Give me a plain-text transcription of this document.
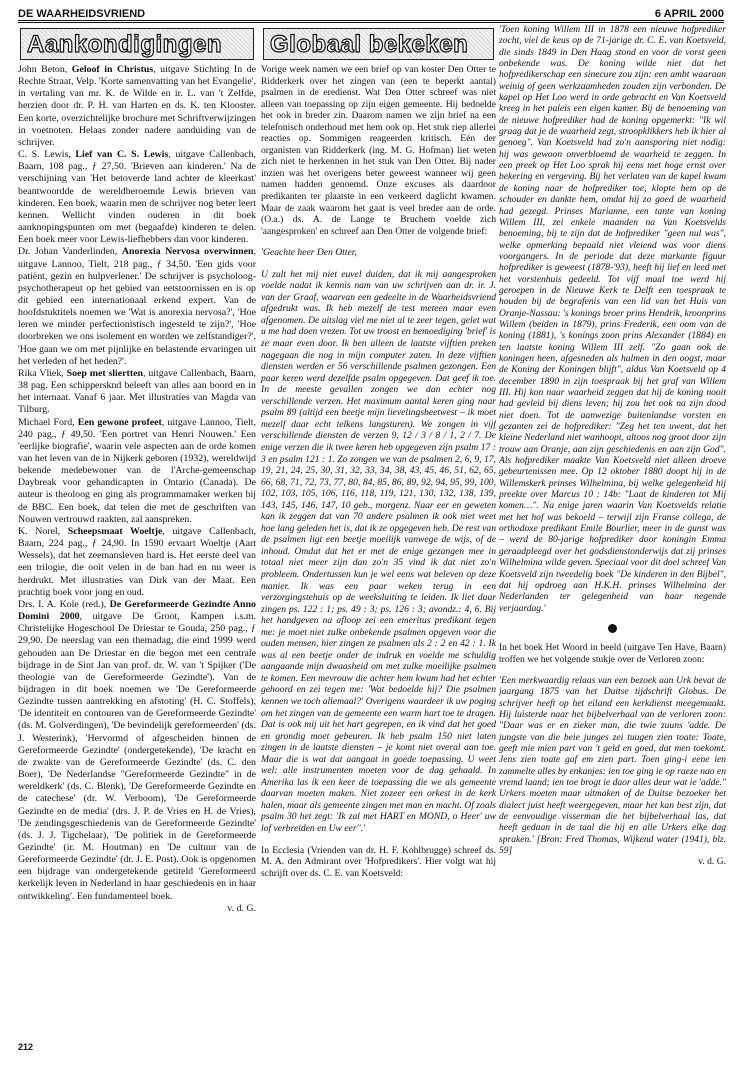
DE WAARHEIDSVRIEND	6 APRIL 2000
Aankondigingen	Globaal bekeken

John Beton, Geloof in Christus, uitgave Stichting In de Rechte Straat, Velp. 'Korte samenvatting van het Evangelie', in vertaling van mr. K. de Wilde en ir. L. van 't Zelfde, herzien door dr. P. H. van Harten en ds. K. ten Klooster. Een korte, overzichtelijke brochure met Schriftverwijzingen in voetnoten. Helaas zonder nadere aanduiding van de schrijver.

C. S. Lewis, Lief van C. S. Lewis, uitgave Callenbach, Baarn, 108 pag., ƒ 27,50. 'Brieven aan kinderen.' Na de verschijning van 'Het betoverde land achter de kleerkast' beantwoordde de wereldberoemde Lewis brieven van kinderen. Een boek, waarin men de schrijver nog beter leert kennen. Wellicht vinden ouderen in dit boek aanknopingspunten om met (begaafde) kinderen te delen. Een boek meer voor Lewis-liefhebbers dan voor kinderen.

Dr. Johan Vanderlinden, Anorexia Nervosa overwinnen, uitgave Lannoo, Tielt, 218 pag., ƒ 34,50. 'Een gids voor patiënt, gezin en hulpverlener.' De schrijver is psycholoog-psychotherapeut op het gebied van eetstoornissen en is op dit gebied een internationaal erkend expert. Van de hoofdstuktitels noemen we 'Wat is anorexia nervosa?', 'Hoe leren we minder perfectionistisch ingesteld te zijn?', 'Hoe doorbreken we ons isolement en worden we zelfstandiger?', 'Hoe gaan we om met pijnlijke en belastende ervaringen uit het verleden of het heden?'.

Rika Vliek, Soep met sliertten, uitgave Callenbach, Baarn, 38 pag. Een schippersknd beleeft van alles aan boord en in het internaat. Vanaf 6 jaar. Met illustraties van Magda van Tilburg.

Michael Ford, Een gewone profeet, uitgave Lannoo, Tielt, 240 pag., ƒ 49,50. 'Een portret van Henri Nouwen.' Een 'eerlijke biografie', waarin vele aspecten aan de orde komen van het leven van de in Nijkerk geboren (1932), wereldwijd bekende medebewoner van de l'Arche-gemeenschap Daybreak voor gehandicapten in Ontario (Canada). De auteur is theoloog en ging als programmamaker werken bij de BBC. Een boek, dat telen die met de geschriften van Nouwen vertrouwd raakten, zal aanspreken.

K. Norel, Scheepsmaat Woeltje, uitgave Callenbach, Baarn, 224 pag., ƒ 24,90. In 1590 ervaart Woeltje (Aart Wessels), dat het zeemansleven hard is. Het eerste deel van een trilogie, die ooit velen in de ban had en nu weer is herdrukt. Met illustraties van Dirk van der Maat. Een prachtig boek voor jong en oud.

Drs. I. A. Kole (red.), De Gereformeerde Gezindte Anno Domini 2000, uitgave De Groot, Kampen i.s.m. Christelijke Hogeschool De Driestar te Gouda, 250 pag., ƒ 29,90. De neerslag van een themadag, die eind 1999 werd gehouden aan De Driestar en die begon met een centrale bijdrage in de Sint Jan van prof. dr. W. van 't Spijker ('De theologie van de Gereformeerde Gezindte'). Van de bijdragen in dit boek noemen we 'De Gereformeerde Gezindte tussen aantrekking en afstoting' (H. C. Stoffels), 'De identiteit en contouren van de Gereformeerde Gezindte' (ds. M. Golverdingen), 'De bevindelijk gereformeerden' (ds. J. Westerink), 'Hervormd of afgescheiden binnen de Gereformeerde Gezindte' (ondergetekende), 'De kracht en de zwakte van de Gereformeerde Gezindte' (ds. C. den Boer), 'De Nederlandse "Gereformeerde Gezindte" in de wereldkerk' (ds. C. Blenk), 'De Gereformeerde Gezindte en de catechese' (dr. W. Verboom), 'De Gereformeerde Gezindte en de media' (drs. J. P. de Vries en H. de Vries), 'De zendingsgeschiedenis van de Gereformeerde Gezindte' (ds. J. J. Tigchelaar), 'De politiek in de Gereformeerde Gezindte' (ir. M. Houtman) en 'De cultuur van de Gereformeerde Gezindte' (dr. J. E. Post). Ook is opgenomen een bijdrage van ondergetekende getiteld 'Gereformeerd kerkelijk leven in Nederland in haar geschiedenis en in haar ontwikkeling'. Een fundamenteel boek.

v. d. G.

Vorige week namen we een brief op van koster Den Otter te Ridderkerk over het zingen van (een te beperkt aantal) psalmen in de eredienst. Wat Den Otter schreef was niet alleen van toepassing op zijn eigen gemeente. Hij bedoelde het ook in breder zin. Daarom namen we zijn brief na een telefonisch onderhoud met hem ook op. Het stuk riep allerlei reacties op. Sommigen reageerden kritisch. Eén der organisten van Ridderkerk (ing. M. G. Hofman) liet weten zich niet te herkennen in het stuk van Den Otter. Bij nader inzien was het overigens beter geweest wanneer wij geen namen hadden genoemd. Onze excuses als daardoor predikanten ter plaatste in een verkeerd daglicht kwamen. Maar de zaak waarom het gaat is veel breder aan de orde. (O.a.) ds. A. de Lange te Bruchem voelde zich 'aangesproken' en schreef aan Den Otter de volgende brief:

'Geachte heer Den Otter,

U zult het mij niet euvel duiden, dat ik mij aangesproken voelde nadat ik kennis nam van uw schrijven aan dr. ir. J. van der Graaf, waarvan een gedeelte in de Waarheidsvriend afgedrukt was. Ik heb mezelf de test meteen maar even afgenomen. De uitslag viel me niet al te zeer tegen, gelet wat u me had doen vrezen. Tot uw troost en bemoediging 'brief' is ze maar even door. Ik ben alleen de laatste vijftien preken nagegaan die nog in mijn computer zaten. In deze vijftien diensten werden er 56 verschillende psalmen gezongen. Een paar keren werd dezelfde psalm opgegeven. Dat geef ik toe. In de meeste gevallen zongen we dan echter nog verschillende verzen. Het maximum aantal keren ging naar psalm 89 (altijd een beetje mijn lievelingsbeetwest – ik moet mezelf daar echt telkens langsturen). We zongen in vijf verschillende diensten de verzen 9, 12 / 3 / 8 / 1, 2 / 7. De enige verzen die ik twee keren heb opgegeven zijn psalm 17 : 3 en psalm 121 : 1. Zo zongen we van de psalmen 2, 6, 9, 17, 19, 21, 24, 25, 30, 31, 32, 33, 34, 38, 43, 45, 46, 51, 62, 65, 66, 68, 71, 72, 73, 77, 80, 84, 85, 86, 89, 92, 94, 95, 99, 100, 102, 103, 105, 106, 116, 118, 119, 121, 130, 132, 138, 139, 143, 145, 146, 147, 10 geb., morgenz. Naar eer en geweten kan ik zeggen dat van 70 andere psalmen ik ook niet weet hoe lang geleden het is, dat ik ze opgegeven heb. De rest van de psalmen ligt een beetje moeilijk vanwege de wijs, of de inhoud. Omdat dat het er met de enige gezangen mee in totaal niet meer zijn dan zo'n 35 vind ik dat niet zo'n probleem. Ondertussen kun je wel eens wat beleven op deze manier. Ik was een paar weken terug in een verzorgingstehuis op de weeksluiting te leiden. Ik liet daar zingen ps. 122 : 1; ps. 49 : 3; ps. 126 : 3; avondz.: 4, 6. Bij het handgeven na afloop zei een emeritus predikant tegen me: je moet niet zulke onbekende psalmen opgeven voor die ouden mensen, hier zingen ze psalmen als 2 : 2 en 42 : 1. Ik was al een beetje onder de indruk en voelde me schuldig aangaande mijn dwaasheid om met zulke moeilijke psalmen te komen. Een mevrouw die achter hem kwam had het echter gehoord en zei tegen me: 'Wat bedoelde hij? Die psalmen kennen we toch allemaal?' Overigens waardeer ik uw poging om het zingen van de gemeente een warm hart toe te dragen. Dat is ook mij uit het hart gegrepen, en ik vind dat het goed en grondig moet gebeuren. Ik heb psalm 150 niet laten zingen in de laatste diensten – je komt niet overal aan toe. Maar die is wat dat aangaat in goede toepassing. U weet wel: alle instrumenten moeten voor de dag gehaald. In Amerika las ik een keer de toepassing die we als gemeente daarvan moeten maken. Niet zozeer een orkest in de kerk halen, maar als gemeente zingen met man en macht. Of zoals psalm 30 het zegt: 'Ik zal met HART en MOND, o Heer' uw lof verbreiden en Uw eer''.'

In Ecclesia (Vrienden van dr. H. F. Kohlbrugge) schreef ds. M. A. den Admirant over 'Hofpredikers'. Hier volgt wat hij schrijft over ds. C. E. van Koetsveld:

'Toen koning Willem III in 1878 een nieuwe hofprediker zocht, viel de keus op de 71-jarige dr. C. E. van Koetsveld, die sinds 1849 in Den Haag stond en voor de vorst geen onbekende was. De koning wilde niet dat het hofpredikerschap een sinecure zou zijn: een ambt waaraan weinig of geen werkzaamheden zouden zijn verbonden. De kapel op Het Loo werd in orde gebracht en Van Koetsveld kreeg in het paleis een eigen kamer. Bij de benoeming van de nieuwe hofprediker had de koning opgemerkt: "Ik wil graag dat je de waarheid zegt, stroopklikkers heb ik hier al genoeg". Van Koetsveld had zo'n aansporing niet nodig: hij was gewoon onverbloemd de waarheid te zeggen. In een preek op Het Loo sprak hij eens met hoge ernst over bekering en vergeving. Bij het verlaten van de kapel kwam de koning naar de hofprediker toe, klopte hem op de schouder en dankte hem, omdat hij zo goed de waarheid had gezegd. Prinses Marianne, een tante van koning Willem III, zei enkele maanden na Van Koetsvelds benoeming, bij te zijn dat de hofprediker "geen nul was", welke opmerking bepaald niet vleiend was voor diens voorgangers. In de periode dat deze markante figuur hofprediker is geweest (1878-'93), heeft hij lief en leed met het vorstenhuis gedeeld. Tot vijf maal toe werd hij geroepen in de Nieuwe Kerk te Delft een toespraak te houden bij de begrafenis van een lid van het Huis van Oranje-Nassau: 's konings broer prins Hendrik, kroonprins Willem (beiden in 1879), prins Frederik, een oom van de koning (1881), 's konings zoon prins Alexander (1884) en ten laatste koning Willem III zelf. "Zo gaan ook de koningen heen, afgesneden als halmen in den oogst, maar de Koning der Koningen blijft", aldus Van Koetsveld op 4 december 1890 in zijn toespraak bij het graf van Willem III. Hij kon naar waarheid zeggen dat hij de koning nooit had gevleid bij diens leven; hij zou het ook na zijn dood niet doen. Tot de aanwezige buitenlandse vorsten en gezanten zei de hofprediker: "Zeg het ten uwent, dat het kleine Nederland niet wanhoopt, altoos nog groot door zijn trouw aan Oranje, aan zijn geschiedenis en aan zijn God". Als hofprediker maakte Van Koetsveld niet alleen droeve gebeurtenissen mee. Op 12 oktober 1880 doopt hij in de Willemskerk prinses Wilhelmina, bij welke gelegenheid hij preekte over Marcus 10 : 14b: "Laat de kinderen tot Mij komen…". Na enige jaren waarin Van Koetsvelds relatie met het hof was bekoeld – terwijl zijn Franse collega, de orthodoxe predikant Emile Bourlier, meer in de gunst was – werd de 80-jarige hofprediker door koningin Emma geraadpleegd over het godsdienstonderwijs dat zij prinses Wilhelmina wilde geven. Speciaal voor dit doel schreef Van Koetsveld zijn tweedelig boek "De kinderen in den Bijbel", dat hij opdroeg aan H.K.H. prinses Wilhelmina der Nederlanden ter gelegenheid van haar negende verjaardag.'

In het boek Het Woord in beeld (uitgave Ten Have, Baarn) troffen we het volgende stukje over de Verloren zoon:

'Een merkwaardig relaas van een bezoek aan Urk bevat de jaargang 1875 van het Duitse tijdschrift Globus. De schrijver heeft op het eiland een kerkdienst meegemaakt. Hij luisterde naar het bijbelverhaal van de verloren zoon: "Daar was er en zieker man, die twie zuuns 'adde. De jungste van die beie junges zei tuugen zien toate: Toate, geeft mie mien part van 't geld en goed, dat men toekomt. Jens zien toate gaf em zien part. Toen ging-i eene ien zammelte alles by enkanjes: ien toe ging ie op raeze nao en vremd laand; ien toe brogt ie daor alles deur wat ie 'adde." Urkers moeten maar uitmaken of de Duitse bezoeker het dialect juist heeft weergegeven, maar het kan best zijn, dat de eenvoudige visserman die het bijbelverhaal las, dat heeft gedaan in de taal die hij en alle Urkers elke dag spraken.' [Bron: Fred Thomas, Wijkend water (1941), blz. 59]

v. d. G.

212
